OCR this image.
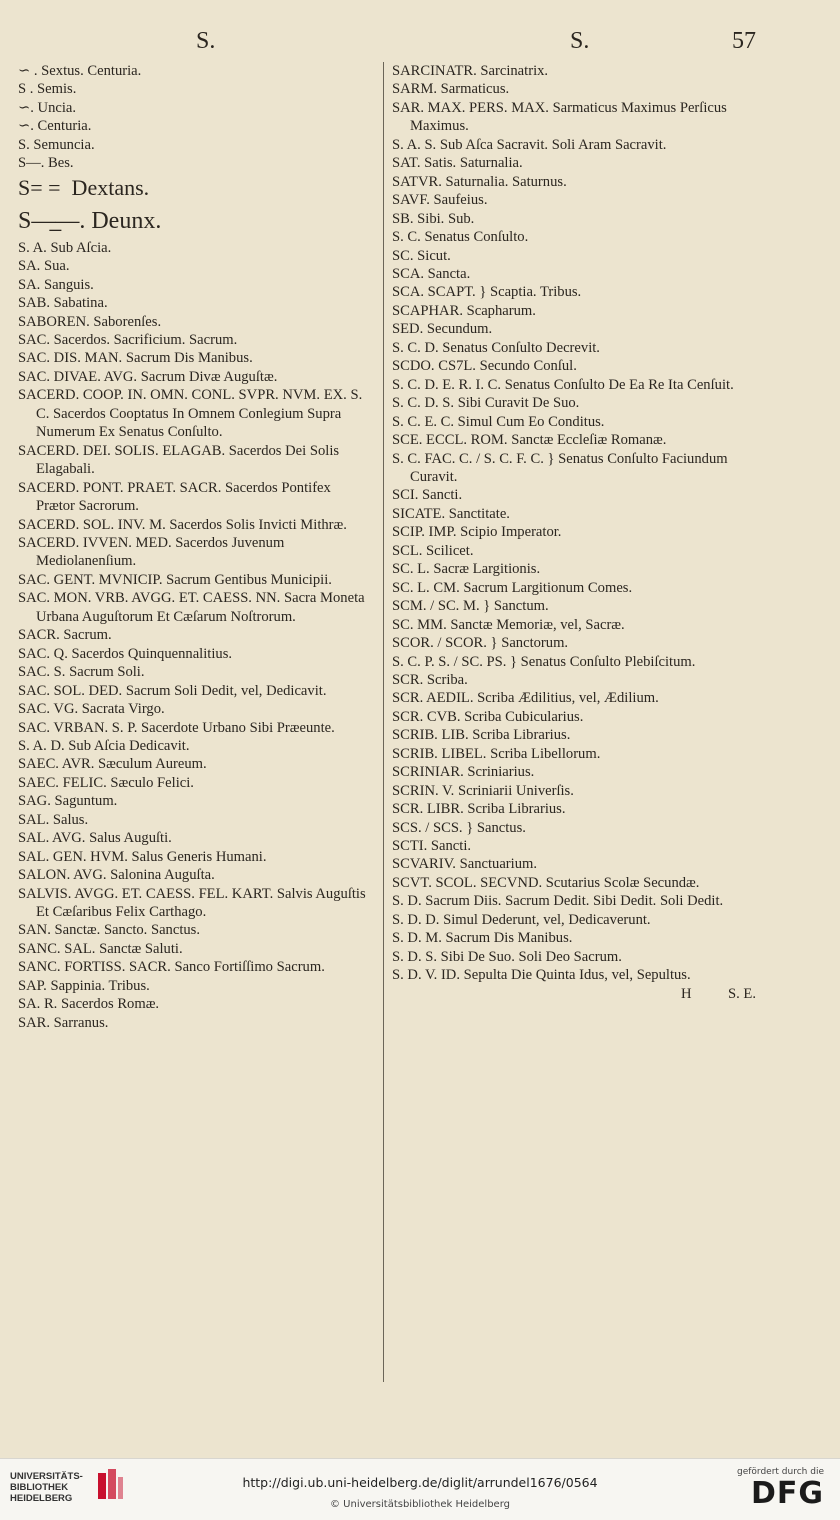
S.	S.	57
∽ . Sextus. Centuria.
S . Semis.
∽. Uncia.
∽. Centuria.
S. Semuncia.
S—. Bes.
S= =  Dextans.
S—̲—. Deunx.
S. A. Sub Aſcia.
SA. Sua.
SA. Sanguis.
SAB. Sabatina.
SABOREN. Saborenſes.
SAC. Sacerdos. Sacrificium. Sacrum.
SAC. DIS. MAN. Sacrum Dis Manibus.
SAC. DIVAE. AVG. Sacrum Divæ Auguſtæ.
SACERD. COOP. IN. OMN. CONL. SVPR. NVM. EX. S. C. Sacerdos Cooptatus In Omnem Conlegium Supra Numerum Ex Senatus Conſulto.
SACERD. DEI. SOLIS. ELAGAB. Sacerdos Dei Solis Elagabali.
SACERD. PONT. PRAET. SACR. Sacerdos Pontifex Prætor Sacrorum.
SACERD. SOL. INV. M. Sacerdos Solis Invicti Mithræ.
SACERD. IVVEN. MED. Sacerdos Juvenum Mediolanenſium.
SAC. GENT. MVNICIP. Sacrum Gentibus Municipii.
SAC. MON. VRB. AVGG. ET. CAESS. NN. Sacra Moneta Urbana Auguſtorum Et Cæſarum Noſtrorum.
SACR. Sacrum.
SAC. Q. Sacerdos Quinquennalitius.
SAC. S. Sacrum Soli.
SAC. SOL. DED. Sacrum Soli Dedit, vel, Dedicavit.
SAC. VG. Sacrata Virgo.
SAC. VRBAN. S. P. Sacerdote Urbano Sibi Præeunte.
S. A. D. Sub Aſcia Dedicavit.
SAEC. AVR. Sæculum Aureum.
SAEC. FELIC. Sæculo Felici.
SAG. Saguntum.
SAL. Salus.
SAL. AVG. Salus Auguſti.
SAL. GEN. HVM. Salus Generis Humani.
SALON. AVG. Salonina Auguſta.
SALVIS. AVGG. ET. CAESS. FEL. KART. Salvis Auguſtis Et Cæſaribus Felix Carthago.
SAN. Sanctæ. Sancto. Sanctus.
SANC. SAL. Sanctæ Saluti.
SANC. FORTISS. SACR. Sanco Fortiſſimo Sacrum.
SAP. Sappinia. Tribus.
SA. R. Sacerdos Romæ.
SAR. Sarranus.
SARCINATR. Sarcinatrix.
SARM. Sarmaticus.
SAR. MAX. PERS. MAX. Sarmaticus Maximus Perſicus Maximus.
S. A. S. Sub Aſca Sacravit. Soli Aram Sacravit.
SAT. Satis. Saturnalia.
SATVR. Saturnalia. Saturnus.
SAVF. Saufeius.
SB. Sibi. Sub.
S. C. Senatus Conſulto.
SC. Sicut.
SCA. Sancta.
SCA. SCAPT. } Scaptia. Tribus.
SCAPHAR. Scapharum.
SED. Secundum.
S. C. D. Senatus Conſulto Decrevit.
SCDO. CS7L. Secundo Conſul.
S. C. D. E. R. I. C. Senatus Conſulto De Ea Re Ita Cenſuit.
S. C. D. S. Sibi Curavit De Suo.
S. C. E. C. Simul Cum Eo Conditus.
SCE. ECCL. ROM. Sanctæ Eccleſiæ Romanæ.
S. C. FAC. C. / S. C. F. C. } Senatus Conſulto Faciundum Curavit.
SCI. Sancti.
SICATE. Sanctitate.
SCIP. IMP. Scipio Imperator.
SCL. Scilicet.
SC. L. Sacræ Largitionis.
SC. L. CM. Sacrum Largitionum Comes.
SCM. / SC. M. } Sanctum.
SC. MM. Sanctæ Memoriæ, vel, Sacræ.
SCOR. / SCOR. } Sanctorum.
S. C. P. S. / SC. PS. } Senatus Conſulto Plebiſcitum.
SCR. Scriba.
SCR. AEDIL. Scriba Ædilitius, vel, Ædilium.
SCR. CVB. Scriba Cubicularius.
SCRIB. LIB. Scriba Librarius.
SCRIB. LIBEL. Scriba Libellorum.
SCRINIAR. Scriniarius.
SCRIN. V. Scriniarii Univerſis.
SCR. LIBR. Scriba Librarius.
SCS. / SCS. } Sanctus.
SCTI. Sancti.
SCVARIV. Sanctuarium.
SCVT. SCOL. SECVND. Scutarius Scolæ Secundæ.
S. D. Sacrum Diis. Sacrum Dedit. Sibi Dedit. Soli Dedit.
S. D. D. Simul Dederunt, vel, Dedicaverunt.
S. D. M. Sacrum Dis Manibus.
S. D. S. Sibi De Suo. Soli Deo Sacrum.
S. D. V. ID. Sepulta Die Quinta Idus, vel, Sepultus.
H          S. E.
UNIVERSITÄTS-
BIBLIOTHEK
HEIDELBERG
http://digi.ub.uni-heidelberg.de/diglit/arrundel1676/0564
© Universitätsbibliothek Heidelberg
gefördert durch die
DFG
